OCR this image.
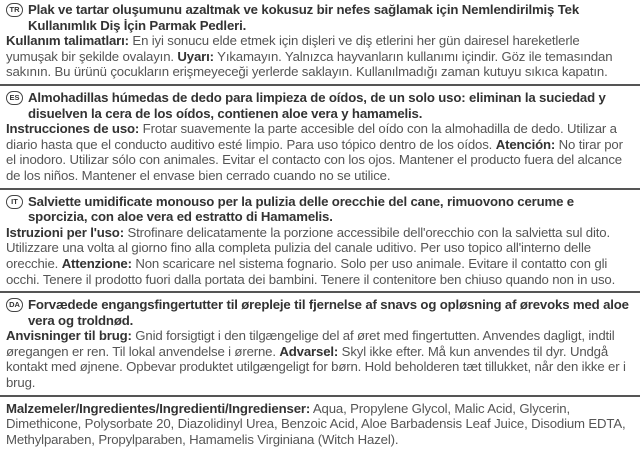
TR Plak ve tartar oluşumunu azaltmak ve kokusuz bir nefes sağlamak için Nemlendirilmiş Tek Kullanımlık Diş İçin Parmak Pedleri.
Kullanım talimatları: En iyi sonucu elde etmek için dişleri ve diş etlerini her gün dairesel hareketlerle yumuşak bir şekilde ovalayın. Uyarı: Yıkamayın. Yalnızca hayvanların kullanımı içindir. Göz ile temasından sakının. Bu ürünü çocukların erişmeyeceği yerlerde saklayın. Kullanılmadığı zaman kutuyu sıkıca kapatın.
ES Almohadillas húmedas de dedo para limpieza de oídos, de un solo uso: eliminan la suciedad y disuelven la cera de los oídos, contienen aloe vera y hamamelis.
Instrucciones de uso: Frotar suavemente la parte accesible del oído con la almohadilla de dedo. Utilizar a diario hasta que el conducto auditivo esté limpio. Para uso tópico dentro de los oídos. Atención: No tirar por el inodoro. Utilizar sólo con animales. Evitar el contacto con los ojos. Mantener el producto fuera del alcance de los niños. Mantener el envase bien cerrado cuando no se utilice.
IT Salviette umidificate monouso per la pulizia delle orecchie del cane, rimuovono cerume e sporcizia, con aloe vera ed estratto di Hamamelis.
Istruzioni per l'uso: Strofinare delicatamente la porzione accessibile dell'orecchio con la salvietta sul dito. Utilizzare una volta al giorno fino alla completa pulizia del canale uditivo. Per uso topico all'interno delle orecchie. Attenzione: Non scaricare nel sistema fognario. Solo per uso animale. Evitare il contatto con gli occhi. Tenere il prodotto fuori dalla portata dei bambini. Tenere il contenitore ben chiuso quando non in uso.
DA Forvædede engangsfingertutter til ørepleje til fjernelse af snavs og opløsning af ørevoks med aloe vera og troldnød.
Anvisninger til brug: Gnid forsigtigt i den tilgængelige del af øret med fingertutten. Anvendes dagligt, indtil øregangen er ren. Til lokal anvendelse i ørerne. Advarsel: Skyl ikke efter. Må kun anvendes til dyr. Undgå kontakt med øjnene. Opbevar produktet utilgængeligt for børn. Hold beholderen tæt tillukket, når den ikke er i brug.
Malzemeler/Ingredientes/Ingredienti/Ingredienser: Aqua, Propylene Glycol, Malic Acid, Glycerin, Dimethicone, Polysorbate 20, Diazolidinyl Urea, Benzoic Acid, Aloe Barbadensis Leaf Juice, Disodium EDTA, Methylparaben, Propylparaben, Hamamelis Virginiana (Witch Hazel).
